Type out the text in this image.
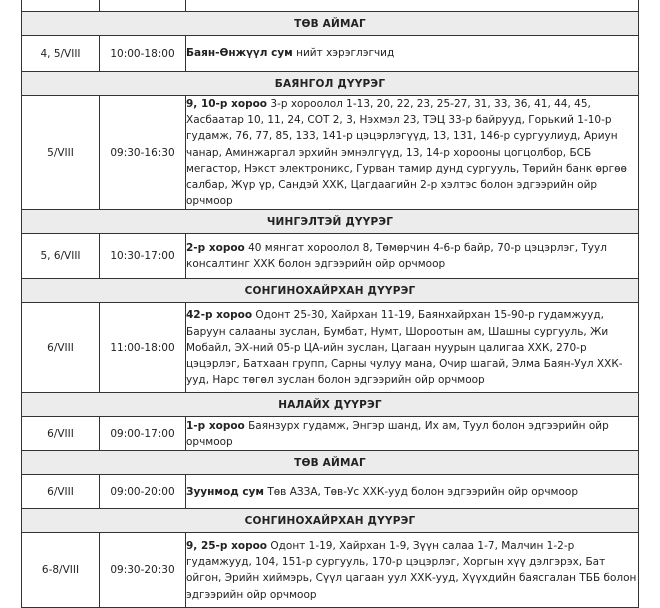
ТӨВ АЙМАГ		
4, 5/VIII	10:00-18:00	Баян-Өнжүүл сум нийт хэрэглэгчид
БАЯНГОЛ ДҮҮРЭГ		
5/VIII	09:30-16:30	9, 10-р хороо 3-р хороолол 1-13, 20, 22, 23, 25-27, 31, 33, 36, 41, 44, 45, Хасбаатар 10, 11, 24, СОТ 2, 3, Нэхмэл 23, ТЭЦ 33-р байрууд, Горький 1-10-р гудамж, 76, 77, 85, 133, 141-р цэцэрлэгүүд, 13, 131, 146-р сургуулиуд, Ариун чанар, Аминжаргал эрхийн эмнэлгүүд, 13, 14-р хорооны цогцолбор, БСБ мегастор, Нэкст электроникс, Гурван тамир дунд сургууль, Төрийн банк өргөө салбар, Жүр үр, Сандэй ХХК, Цагдаагийн 2-р хэлтэс болон эдгээрийн ойр орчмоор
ЧИНГЭЛТЭЙ ДҮҮРЭГ		
5, 6/VIII	10:30-17:00	2-р хороо 40 мянгат хороолол 8, Төмөрчин 4-6-р байр, 70-р цэцэрлэг, Туул консалтинг ХХК болон эдгээрийн ойр орчмоор
СОНГИНОХАЙРХАН ДҮҮРЭГ		
6/VIII	11:00-18:00	42-р хороо Одонт 25-30, Хайрхан 11-19, Баянхайрхан 15-90-р гудамжууд, Баруун салааны зуслан, Бумбат, Нумт, Шороотын ам, Шашны сургууль, Жи Мобайл, ЭХ-ний 05-р ЦА-ийн зуслан, Цагаан нуурын цалигаа ХХК, 270-р цэцэрлэг, Батхаан групп, Сарны чулуу мана, Очир шагай, Элма Баян-Уул ХХК-ууд, Нарс төгөл зуслан болон эдгээрийн ойр орчмоор
НАЛАЙХ ДҮҮРЭГ		
6/VIII	09:00-17:00	1-р хороо Баянзурх гудамж, Энгэр шанд, Их ам, Туул болон эдгээрийн ойр орчмоор
ТӨВ АЙМАГ		
6/VIII	09:00-20:00	Зуунмод сум Төв АЗЗА, Төв-Ус ХХК-ууд болон эдгээрийн ойр орчмоор
СОНГИНОХАЙРХАН ДҮҮРЭГ		
6-8/VIII	09:30-20:30	9, 25-р хороо Одонт 1-19, Хайрхан 1-9, Зүүн салаа 1-7, Малчин 1-2-р гудамжууд, 104, 151-р сургууль, 170-р цэцэрлэг, Хоргын хүү дэлгэрэх, Бат ойгон, Эрийн хиймэрь, Сүүл цагаан уул ХХК-ууд, Хүүхдийн баясгалан ТББ болон эдгээрийн ойр орчмоор
